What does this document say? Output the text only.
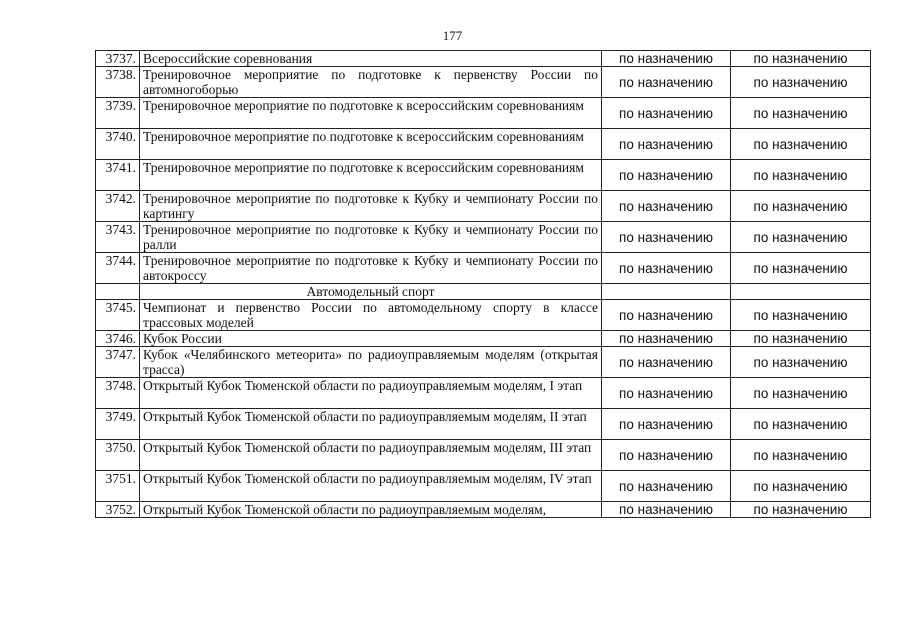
177
3737.	Всероссийские соревнования	по назначению	по назначению
3738.	Тренировочное мероприятие по подготовке к первенству России по автомногоборью	по назначению	по назначению
3739.	Тренировочное мероприятие по подготовке к всероссийским соревнованиям	по назначению	по назначению
3740.	Тренировочное мероприятие по подготовке к всероссийским соревнованиям	по назначению	по назначению
3741.	Тренировочное мероприятие по подготовке к всероссийским соревнованиям	по назначению	по назначению
3742.	Тренировочное мероприятие по подготовке к Кубку и чемпионату России по картингу	по назначению	по назначению
3743.	Тренировочное мероприятие по подготовке к Кубку и чемпионату России по ралли	по назначению	по назначению
3744.	Тренировочное мероприятие по подготовке к Кубку и чемпионату России по автокроссу	по назначению	по назначению
	Автомодельный спорт		
3745.	Чемпионат и первенство России по автомодельному спорту в классе трассовых моделей	по назначению	по назначению
3746.	Кубок России	по назначению	по назначению
3747.	Кубок «Челябинского метеорита» по радиоуправляемым моделям (открытая трасса)	по назначению	по назначению
3748.	Открытый Кубок Тюменской области по радиоуправляемым моделям, I этап	по назначению	по назначению
3749.	Открытый Кубок Тюменской области по радиоуправляемым моделям, II этап	по назначению	по назначению
3750.	Открытый Кубок Тюменской области по радиоуправляемым моделям, III этап	по назначению	по назначению
3751.	Открытый Кубок Тюменской области по радиоуправляемым моделям, IV этап	по назначению	по назначению
3752.	Открытый Кубок Тюменской области по радиоуправляемым моделям,	по назначению	по назначению
